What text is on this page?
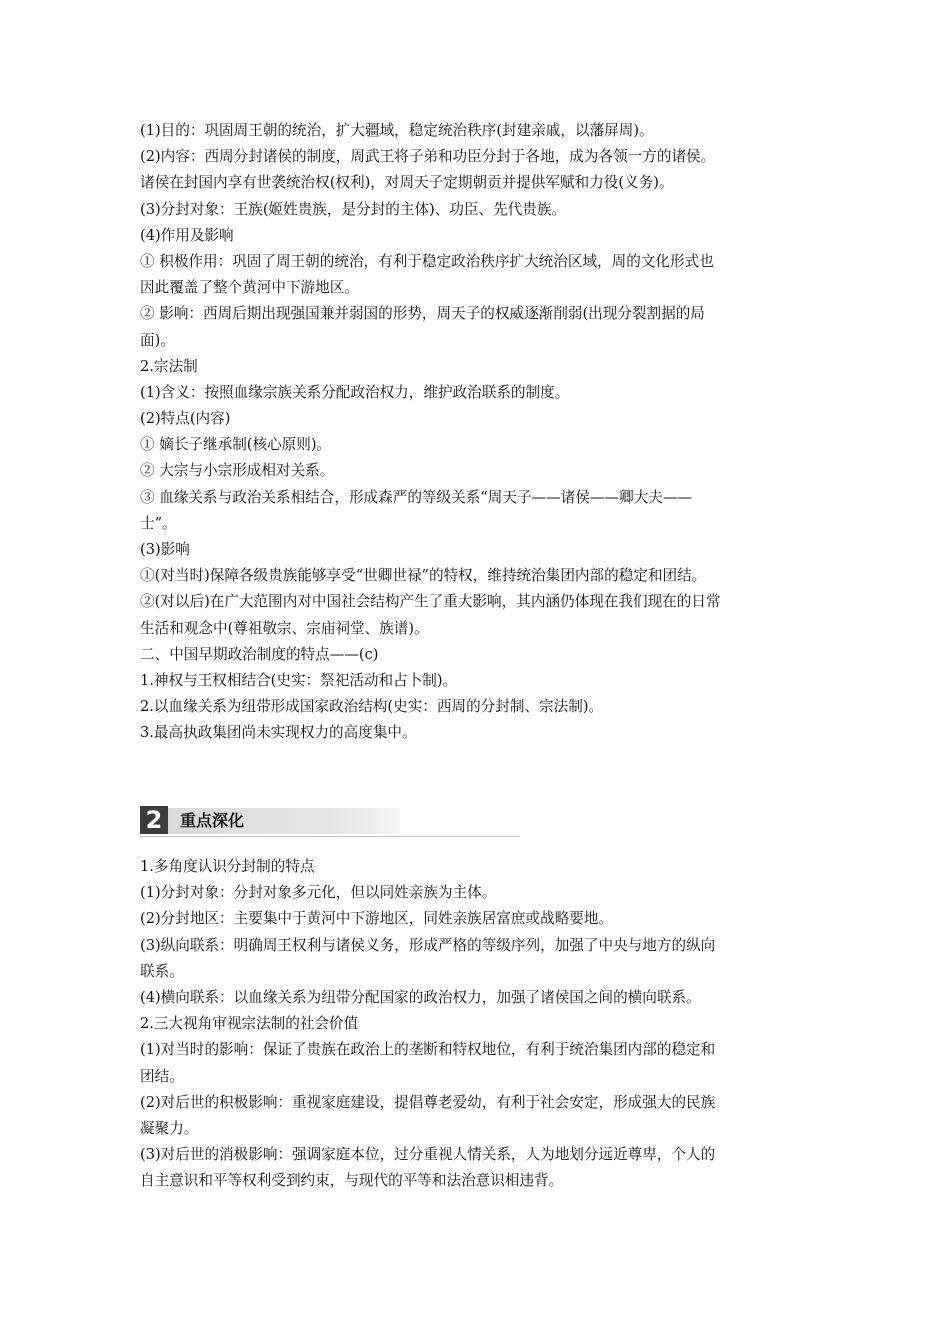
(1)目的：巩固周王朝的统治，扩大疆域，稳定统治秩序(封建亲戚，以藩屏周)。
(2)内容：西周分封诸侯的制度，周武王将子弟和功臣分封于各地，成为各领一方的诸侯。
诸侯在封国内享有世袭统治权(权利)，对周天子定期朝贡并提供军赋和力役(义务)。
(3)分封对象：王族(姬姓贵族，是分封的主体)、功臣、先代贵族。
(4)作用及影响
① 积极作用：巩固了周王朝的统治，有利于稳定政治秩序扩大统治区域，周的文化形式也
因此覆盖了整个黄河中下游地区。
② 影响：西周后期出现强国兼并弱国的形势，周天子的权威逐渐削弱(出现分裂割据的局
面)。
2.宗法制
(1)含义：按照血缘宗族关系分配政治权力，维护政治联系的制度。
(2)特点(内容)
① 嫡长子继承制(核心原则)。
② 大宗与小宗形成相对关系。
③ 血缘关系与政治关系相结合，形成森严的等级关系“周天子——诸侯——卿大夫——
士”。
(3)影响
①(对当时)保障各级贵族能够享受“世卿世禄”的特权，维持统治集团内部的稳定和团结。
②(对以后)在广大范围内对中国社会结构产生了重大影响，其内涵仍体现在我们现在的日常
生活和观念中(尊祖敬宗、宗庙祠堂、族谱)。
二、中国早期政治制度的特点——(c)
1.神权与王权相结合(史实：祭祀活动和占卜制)。
2.以血缘关系为纽带形成国家政治结构(史实：西周的分封制、宗法制)。
3.最高执政集团尚未实现权力的高度集中。
2	重点深化
1.多角度认识分封制的特点
(1)分封对象：分封对象多元化，但以同姓亲族为主体。
(2)分封地区：主要集中于黄河中下游地区，同姓亲族居富庶或战略要地。
(3)纵向联系：明确周王权利与诸侯义务，形成严格的等级序列，加强了中央与地方的纵向
联系。
(4)横向联系：以血缘关系为纽带分配国家的政治权力，加强了诸侯国之间的横向联系。
2.三大视角审视宗法制的社会价值
(1)对当时的影响：保证了贵族在政治上的垄断和特权地位，有利于统治集团内部的稳定和
团结。
(2)对后世的积极影响：重视家庭建设，提倡尊老爱幼，有利于社会安定，形成强大的民族
凝聚力。
(3)对后世的消极影响：强调家庭本位，过分重视人情关系，人为地划分远近尊卑，个人的
自主意识和平等权利受到约束，与现代的平等和法治意识相违背。
